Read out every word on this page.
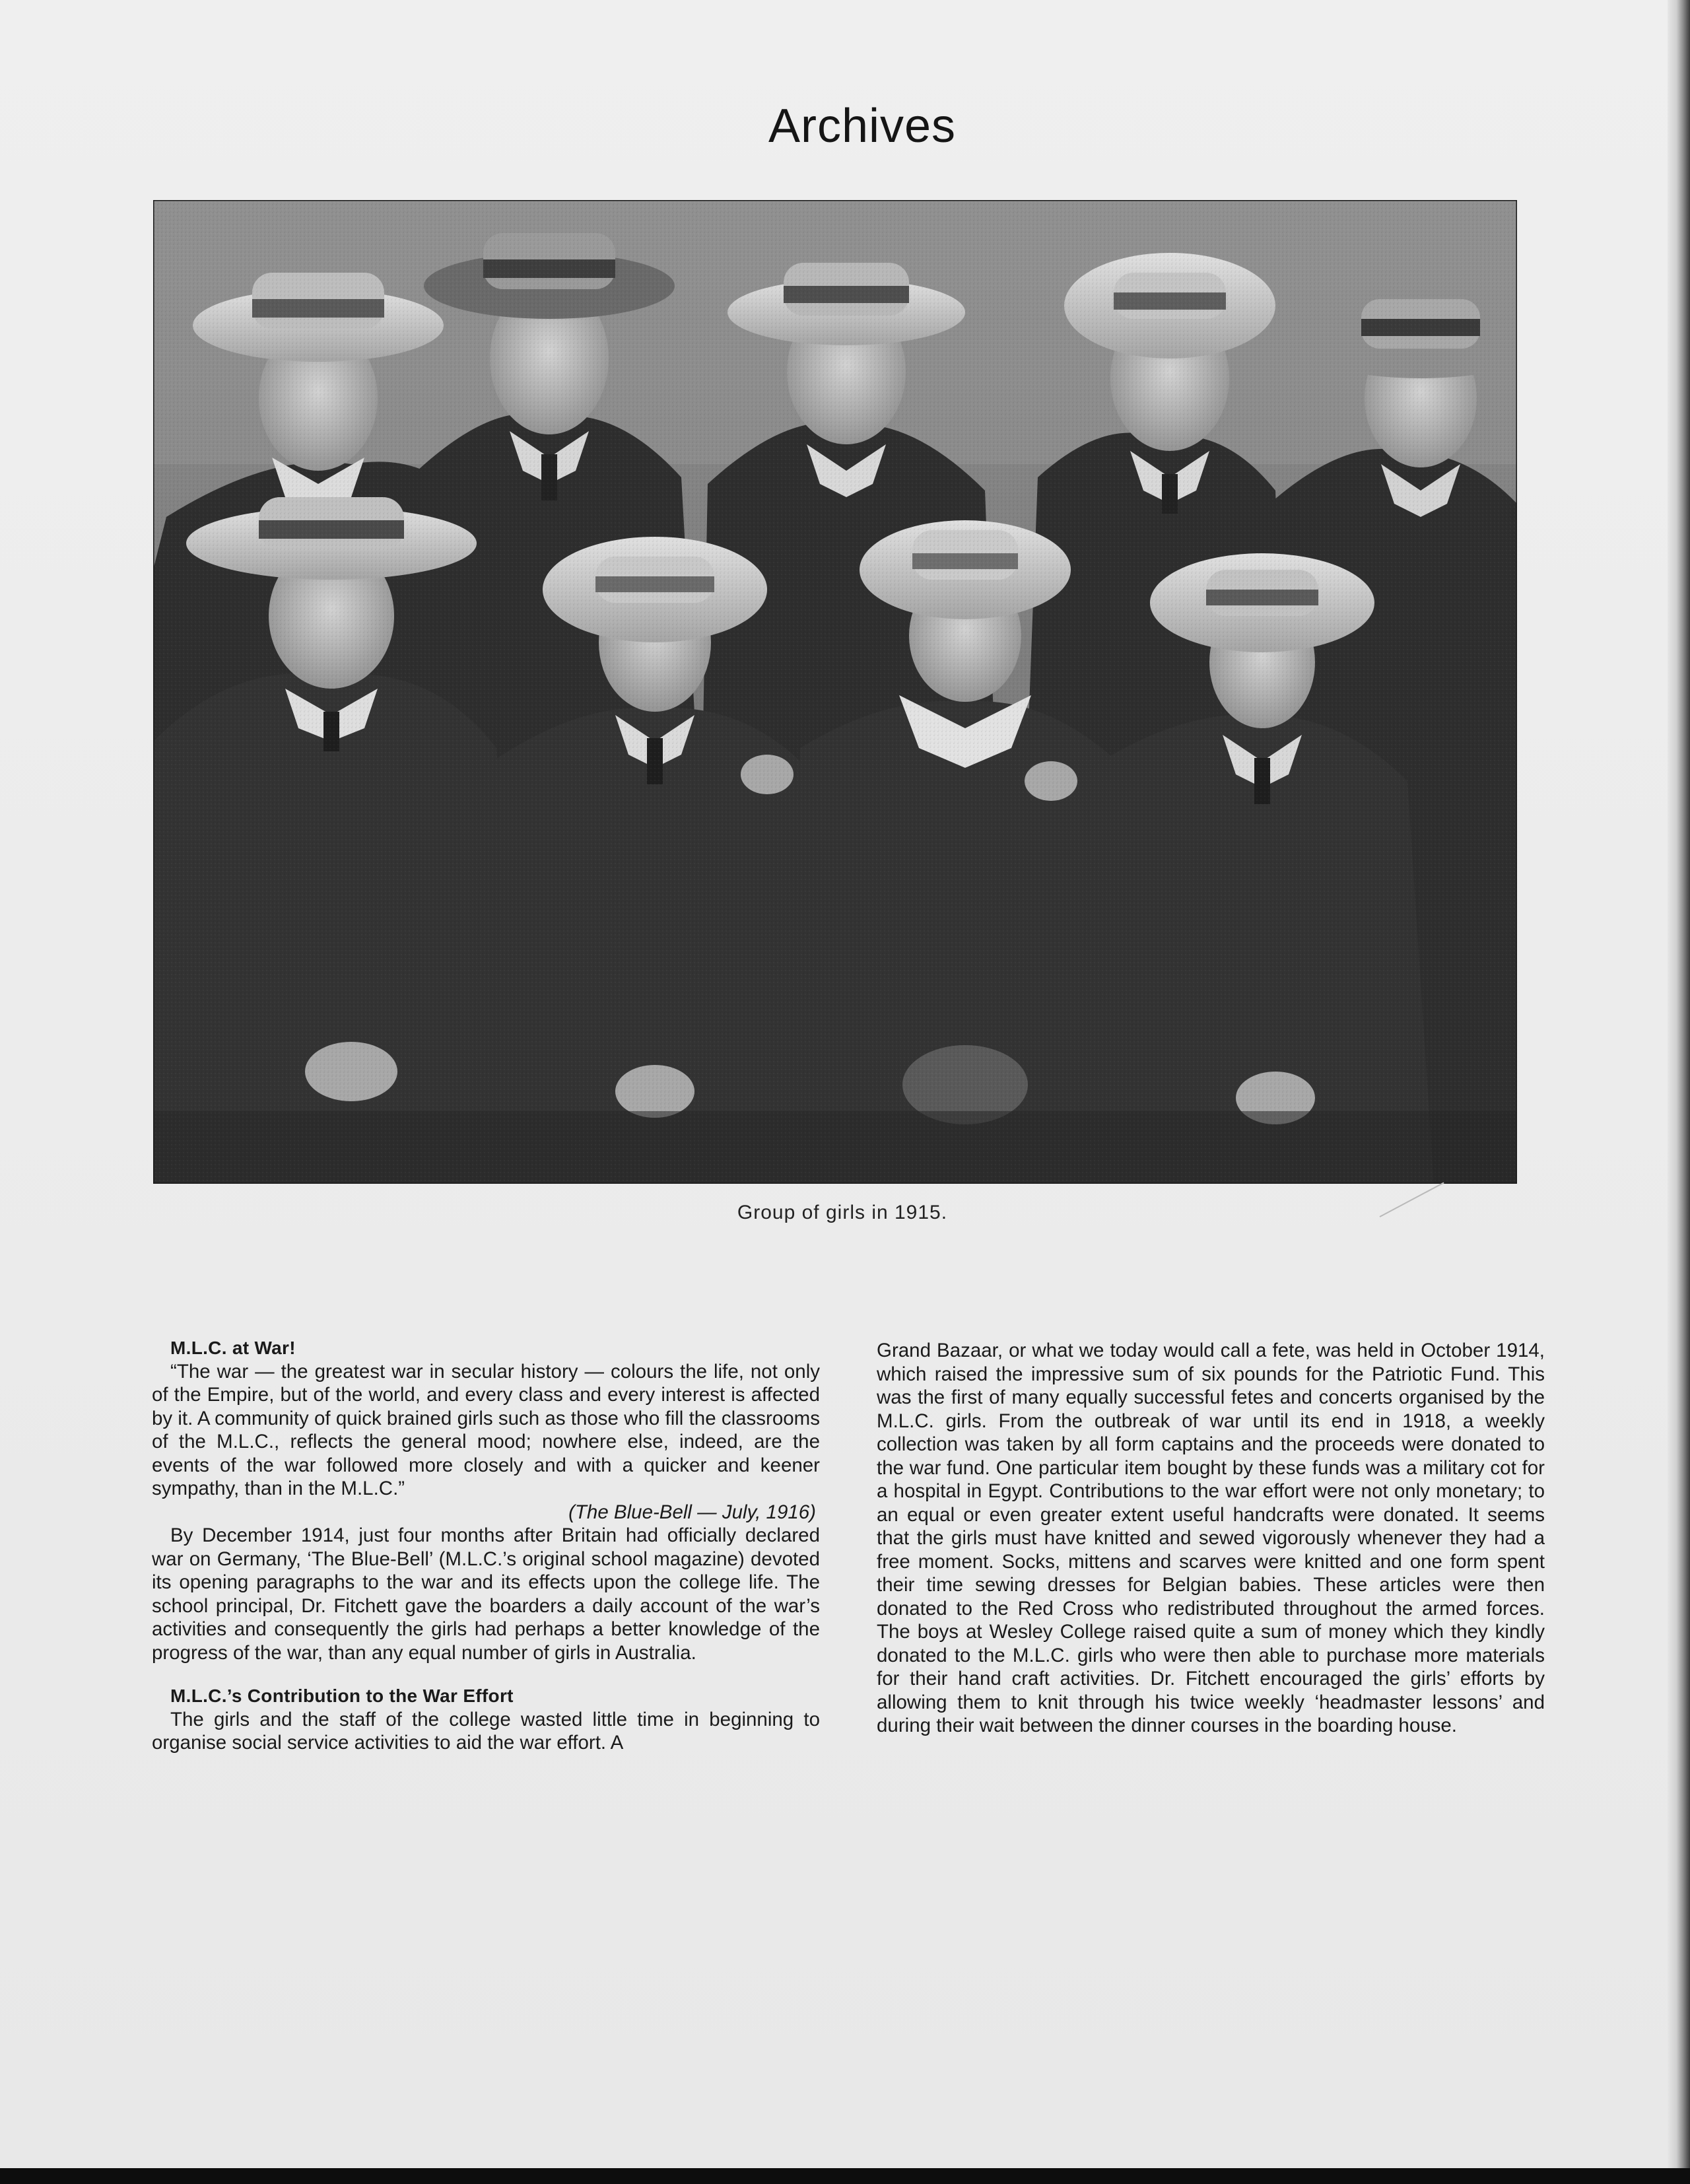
Archives
Group of girls in 1915.

M.L.C. at War!

“The war — the greatest war in secular history — colours the life, not only of the Empire, but of the world, and every class and every interest is affected by it. A community of quick brained girls such as those who fill the classrooms of the M.L.C., reflects the general mood; nowhere else, indeed, are the events of the war followed more closely and with a quicker and keener sympathy, than in the M.L.C.”

(The Blue-Bell — July, 1916)

By December 1914, just four months after Britain had officially declared war on Germany, ‘The Blue-Bell’ (M.L.C.’s original school magazine) devoted its opening paragraphs to the war and its effects upon the college life. The school principal, Dr. Fitchett gave the boarders a daily account of the war’s activities and consequently the girls had perhaps a better knowledge of the progress of the war, than any equal number of girls in Australia.

M.L.C.’s Contribution to the War Effort

The girls and the staff of the college wasted little time in beginning to organise social service activities to aid the war effort. A

Grand Bazaar, or what we today would call a fete, was held in October 1914, which raised the impressive sum of six pounds for the Patriotic Fund. This was the first of many equally successful fetes and concerts organised by the M.L.C. girls. From the outbreak of war until its end in 1918, a weekly collection was taken by all form captains and the proceeds were donated to the war fund. One particular item bought by these funds was a military cot for a hospital in Egypt. Contributions to the war effort were not only monetary; to an equal or even greater extent useful handcrafts were donated. It seems that the girls must have knitted and sewed vigorously whenever they had a free moment. Socks, mittens and scarves were knitted and one form spent their time sewing dresses for Belgian babies. These articles were then donated to the Red Cross who redistributed throughout the armed forces. The boys at Wesley College raised quite a sum of money which they kindly donated to the M.L.C. girls who were then able to purchase more materials for their hand craft activities. Dr. Fitchett encouraged the girls’ efforts by allowing them to knit through his twice weekly ‘headmaster lessons’ and during their wait between the dinner courses in the boarding house.
